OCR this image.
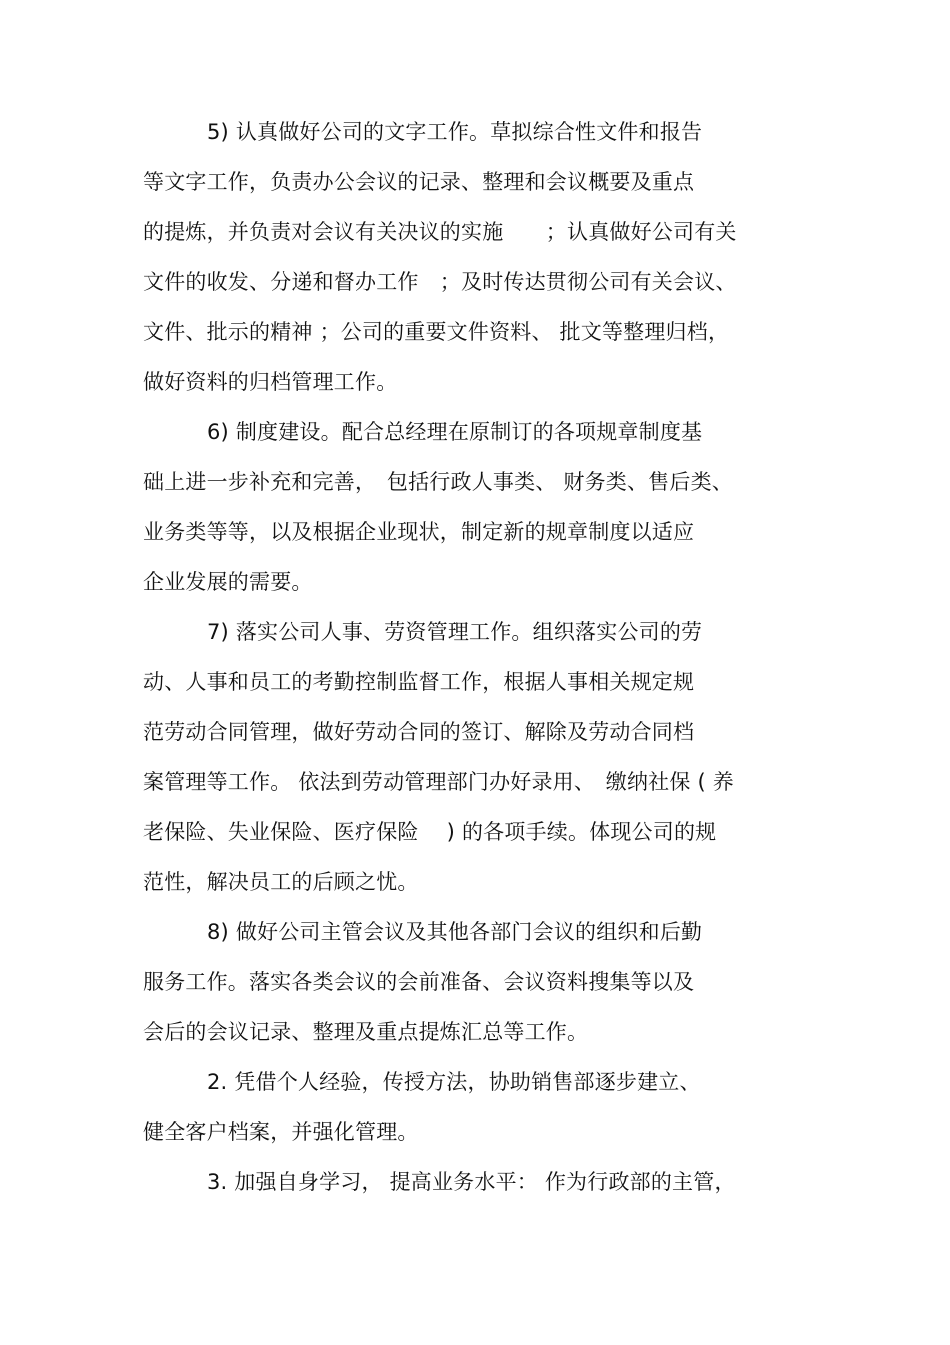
5) 认真做好公司的文字工作。草拟综合性文件和报告
等文字工作，负责办公会议的记录、整理和会议概要及重点
的提炼，并负责对会议有关决议的实施　　；认真做好公司有关
文件的收发、分递和督办工作　；及时传达贯彻公司有关会议、
文件、批示的精神 ；公司的重要文件资料、 批文等整理归档，
做好资料的归档管理工作。
6) 制度建设。配合总经理在原制订的各项规章制度基
础上进一步补充和完善，　包括行政人事类、 财务类、售后类、
业务类等等，以及根据企业现状，制定新的规章制度以适应
企业发展的需要。
7) 落实公司人事、劳资管理工作。组织落实公司的劳
动、人事和员工的考勤控制监督工作，根据人事相关规定规
范劳动合同管理，做好劳动合同的签订、解除及劳动合同档
案管理等工作。 依法到劳动管理部门办好录用、　缴纳社保 ( 养
老保险、失业保险、医疗保险　 ) 的各项手续。体现公司的规
范性，解决员工的后顾之忧。
8) 做好公司主管会议及其他各部门会议的组织和后勤
服务工作。落实各类会议的会前准备、会议资料搜集等以及
会后的会议记录、整理及重点提炼汇总等工作。
2. 凭借个人经验，传授方法，协助销售部逐步建立、
健全客户档案，并强化管理。
3. 加强自身学习， 提高业务水平： 作为行政部的主管，
